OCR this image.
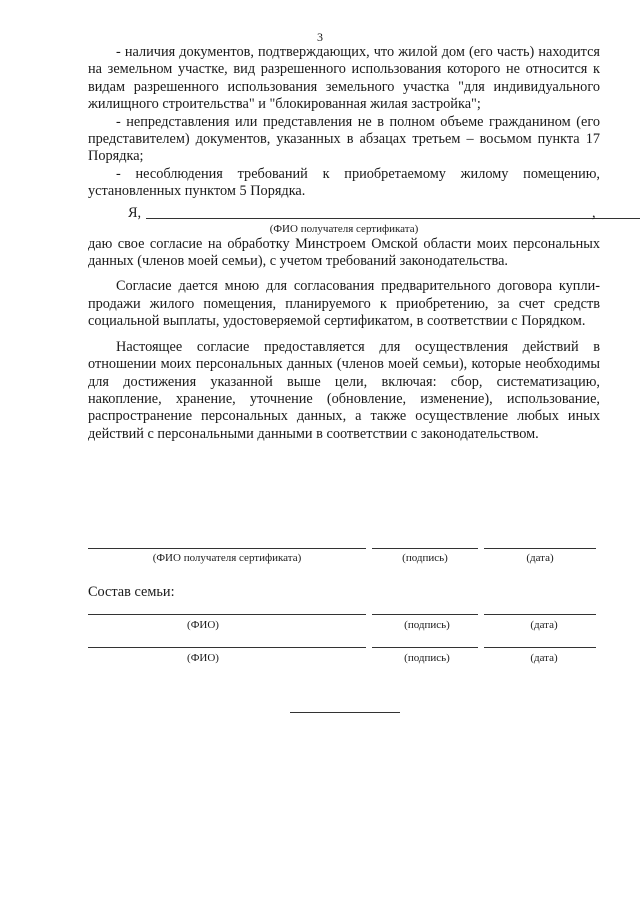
3

- наличия документов, подтверждающих, что жилой дом (его часть) находится на земельном участке, вид разрешенного использования которого не относится к видам разрешенного использования земельного участка "для индивидуального жилищного строительства" и "блокированная жилая застройка";

- непредставления или представления не в полном объеме гражданином (его представителем) документов, указанных в абзацах третьем – восьмом пункта 17 Порядка;

- несоблюдения требований к приобретаемому жилому помещению, установленных пунктом 5 Порядка.

Я,	,
(ФИО получателя сертификата)

даю свое согласие на обработку Минстроем Омской области моих персональных данных (членов моей семьи), с учетом требований законодательства.

Согласие дается мною для согласования предварительного договора купли-продажи жилого помещения, планируемого к приобретению, за счет средств социальной выплаты, удостоверяемой сертификатом, в соответствии с Порядком.

Настоящее согласие предоставляется для осуществления действий в отношении моих персональных данных (членов моей семьи), которые необходимы для достижения указанной выше цели, включая: сбор, систематизацию, накопление, хранение, уточнение (обновление, изменение), использование, распространение персональных данных, а также осуществление любых иных действий с персональными данными в соответствии с законодательством.

(ФИО получателя сертификата)	(подпись)	(дата)
Состав семьи:
(ФИО)	(подпись)	(дата)
(ФИО)	(подпись)	(дата)
